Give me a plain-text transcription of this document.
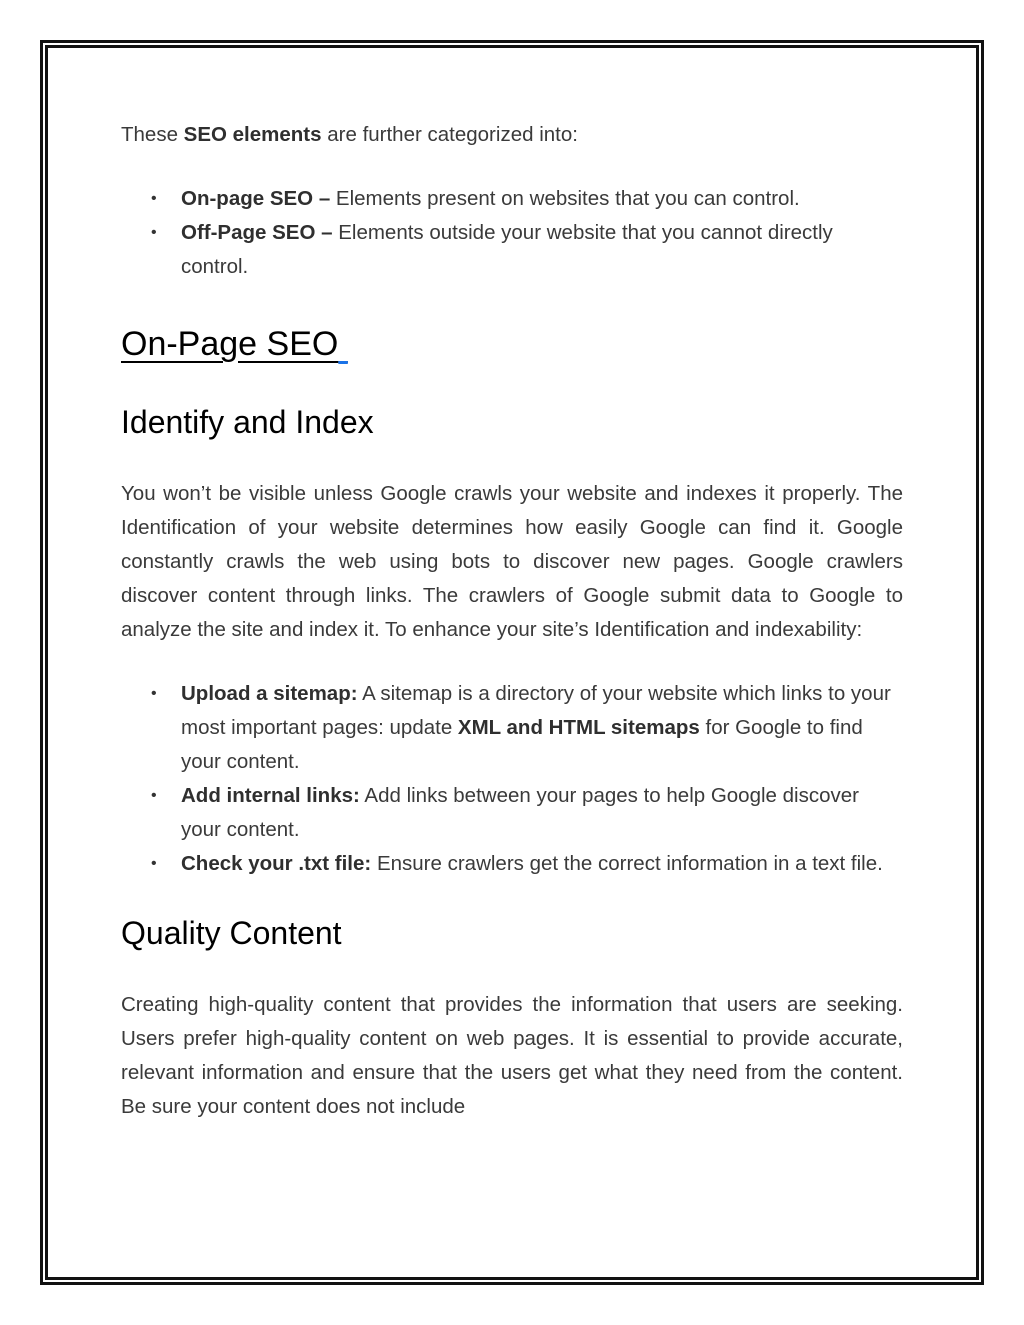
These SEO elements are further categorized into:

• On-page SEO – Elements present on websites that you can control.
• Off-Page SEO – Elements outside your website that you cannot directly control.
On-Page SEO
Identify and Index

You won’t be visible unless Google crawls your website and indexes it properly. The Identification of your website determines how easily Google can find it. Google constantly crawls the web using bots to discover new pages. Google crawlers discover content through links. The crawlers of Google submit data to Google to analyze the site and index it. To enhance your site’s Identification and indexability:

• Upload a sitemap: A sitemap is a directory of your website which links to your most important pages: update XML and HTML sitemaps for Google to find your content.
• Add internal links: Add links between your pages to help Google discover your content.
• Check your .txt file: Ensure crawlers get the correct information in a text file.
Quality Content

Creating high-quality content that provides the information that users are seeking. Users prefer high-quality content on web pages. It is essential to provide accurate, relevant information and ensure that the users get what they need from the content. Be sure your content does not include
